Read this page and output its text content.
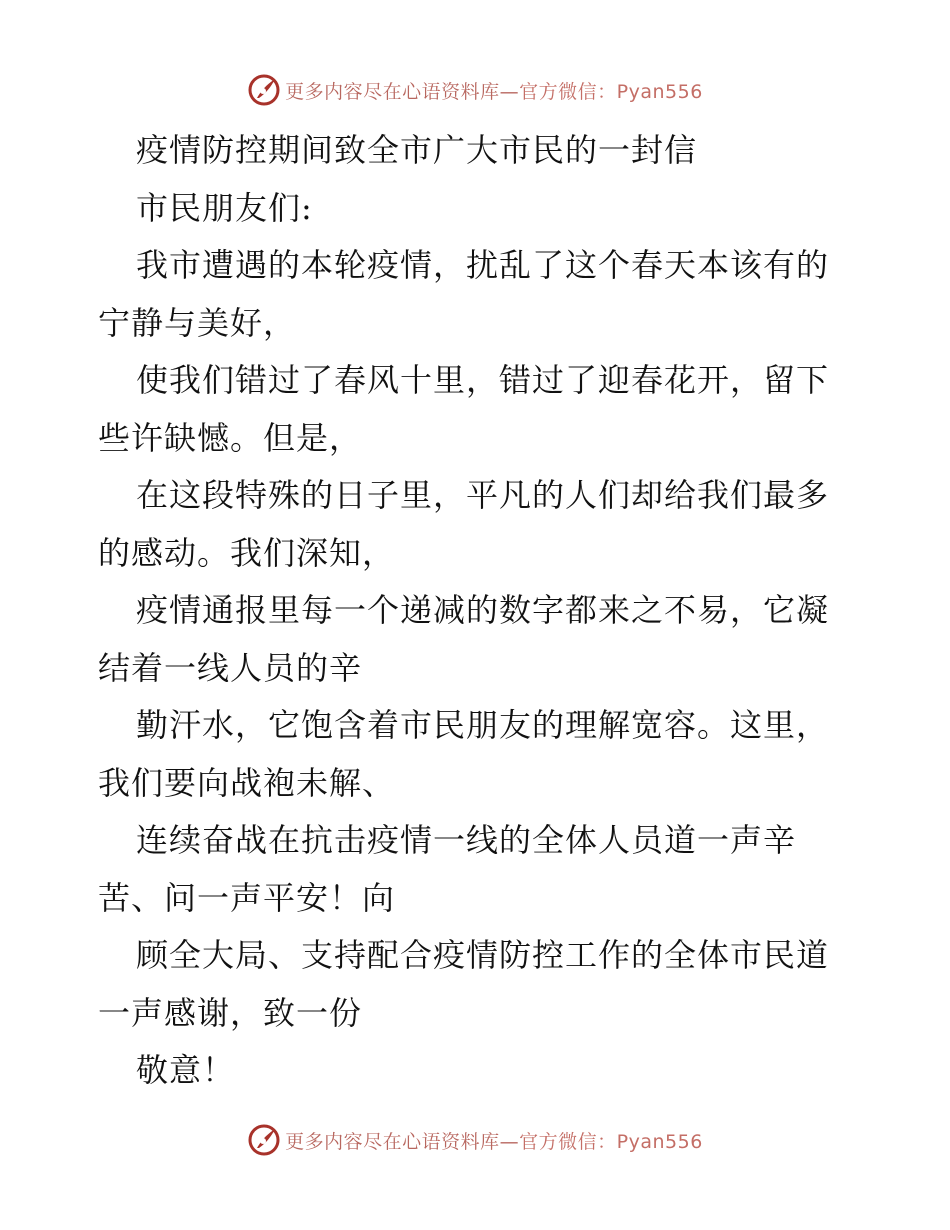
更多内容尽在心语资料库—官方微信：Pyan556
疫情防控期间致全市广大市民的一封信
市民朋友们:
我市遭遇的本轮疫情，扰乱了这个春天本该有的
宁静与美好，
使我们错过了春风十里，错过了迎春花开，留下
些许缺憾。但是，
在这段特殊的日子里，平凡的人们却给我们最多
的感动。我们深知，
疫情通报里每一个递减的数字都来之不易，它凝
结着一线人员的辛
勤汗水，它饱含着市民朋友的理解宽容。这里，
我们要向战袍未解、
连续奋战在抗击疫情一线的全体人员道一声辛
苦、问一声平安！向
顾全大局、支持配合疫情防控工作的全体市民道
一声感谢，致一份
敬意！
更多内容尽在心语资料库—官方微信：Pyan556
